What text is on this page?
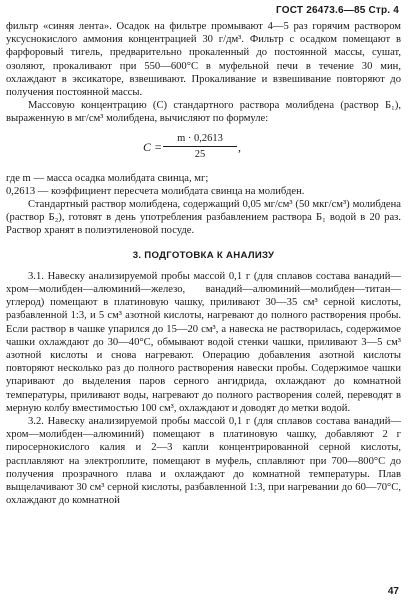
ГОСТ 26473.6—85 Стр. 4

фильтр «синяя лента». Осадок на фильтре промывают 4—5 раз горячим раствором уксуснокислого аммония концентрацией 30 г/дм³. Фильтр с осадком помещают в фарфоровый тигель, предварительно прокаленный до постоянной массы, сушат, озоляют, прокаливают при 550—600°С в муфельной печи в течение 30 мин, охлаждают в эксикаторе, взвешивают. Прокаливание и взвешивание повторяют до получения постоянной массы.

Массовую концентрацию (С) стандартного раствора молибдена (раствор Б₁), выраженную в мг/см³ молибдена, вычисляют по формуле:

$C = \frac{m \cdot 0,2613}{25}$ ,

где m — масса осадка молибдата свинца, мг;

0,2613 — коэффициент пересчета молибдата свинца на молибден.

Стандартный раствор молибдена, содержащий 0,05 мг/см³ (50 мкг/см³) молибдена (раствор Б₂), готовят в день употребления разбавлением раствора Б₁ водой в 20 раз. Раствор хранят в полиэтиленовой посуде.

3. ПОДГОТОВКА К АНАЛИЗУ

3.1. Навеску анализируемой пробы массой 0,1 г (для сплавов состава ванадий—хром—молибден—алюминий—железо, ванадий—алюминий—молибден—титан—углерод) помещают в платиновую чашку, приливают 30—35 см³ серной кислоты, разбавленной 1:3, и 5 см³ азотной кислоты, нагревают до полного растворения пробы. Если раствор в чашке упарился до 15—20 см³, а навеска не растворилась, содержимое чашки охлаждают до 30—40°С, обмывают водой стенки чашки, приливают 3—5 см³ азотной кислоты и снова нагревают. Операцию добавления азотной кислоты повторяют несколько раз до полного растворения навески пробы. Содержимое чашки упаривают до выделения паров серного ангидрида, охлаждают до комнатной температуры, приливают воды, нагревают до полного растворения солей, переводят в мерную колбу вместимостью 100 см³, охлаждают и доводят до метки водой.

3.2. Навеску анализируемой пробы массой 0,1 г (для сплавов состава ванадий—хром—молибден—алюминий) помещают в платиновую чашку, добавляют 2 г пиросернокислого калия и 2—3 капли концентрированной серной кислоты, расплавляют на электроплите, помещают в муфель, сплавляют при 700—800°С до получения прозрачного плава и охлаждают до комнатной температуры. Плав выщелачивают 30 см³ серной кислоты, разбавленной 1:3, при нагревании до 60—70°С, охлаждают до комнатной

47
